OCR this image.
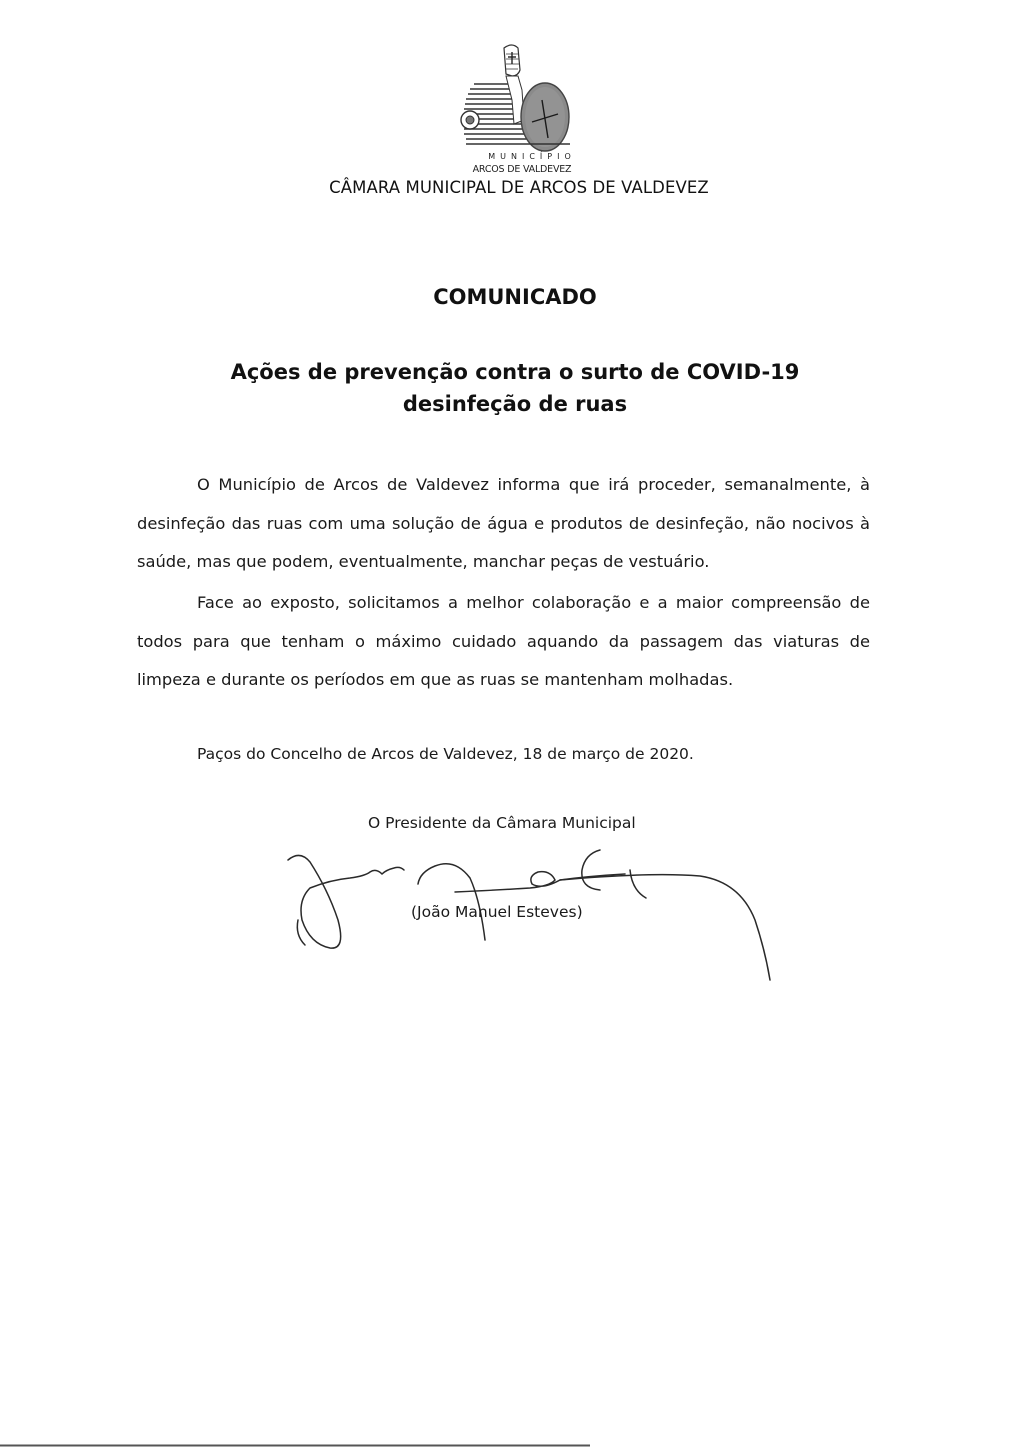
MUNICÍPIO
ARCOS DE VALDEVEZ
CÂMARA MUNICIPAL DE ARCOS DE VALDEVEZ
COMUNICADO
Ações de prevenção contra o surto de COVID-19
desinfeção de ruas

O Município de Arcos de Valdevez informa que irá proceder, semanalmente, à desinfeção das ruas com uma solução de água e produtos de desinfeção, não nocivos à saúde, mas que podem, eventualmente, manchar peças de vestuário.

Face ao exposto, solicitamos a melhor colaboração e a maior compreensão de todos para que tenham o máximo cuidado aquando da passagem das viaturas de limpeza e durante os períodos em que as ruas se mantenham molhadas.

Paços do Concelho de Arcos de Valdevez, 18 de março de 2020.
O Presidente da Câmara Municipal
(João Manuel Esteves)
